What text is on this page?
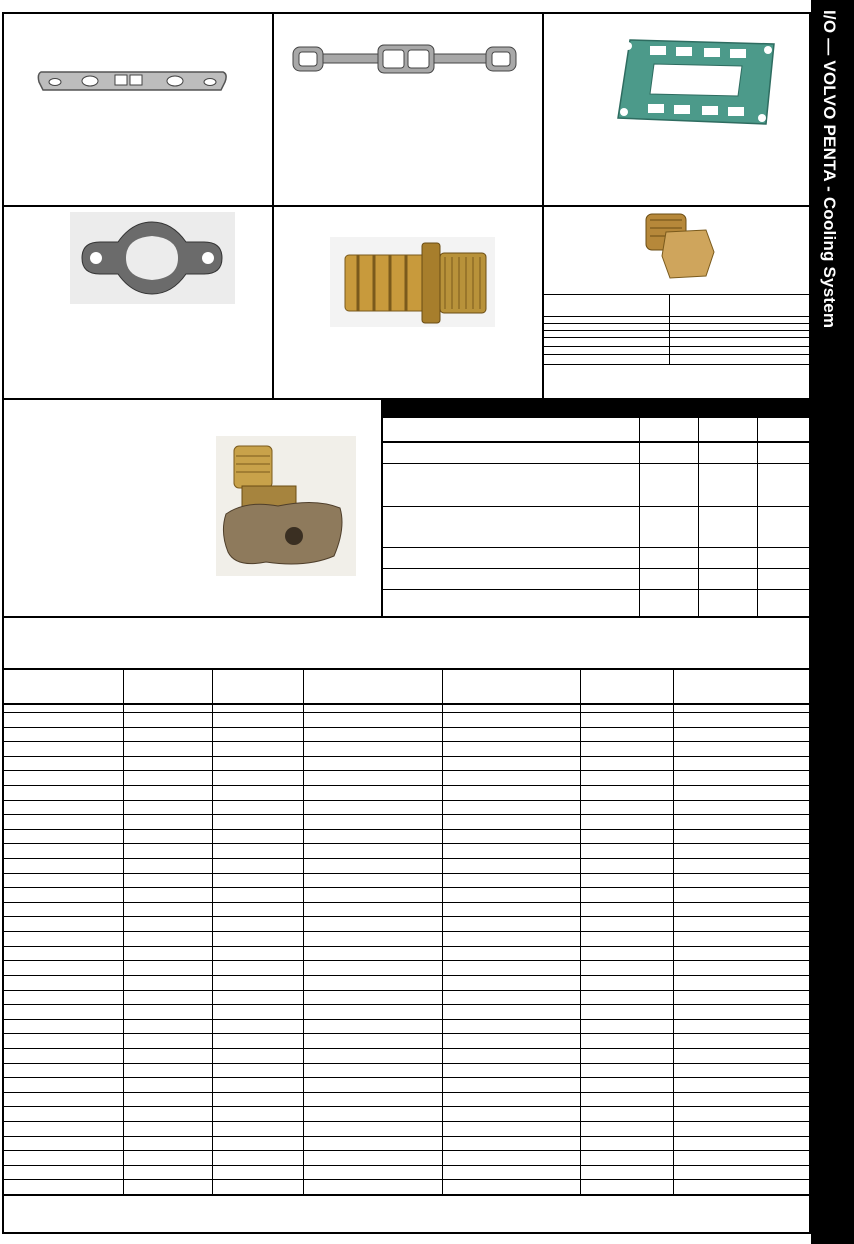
I/O — VOLVO PENTA - Cooling System
